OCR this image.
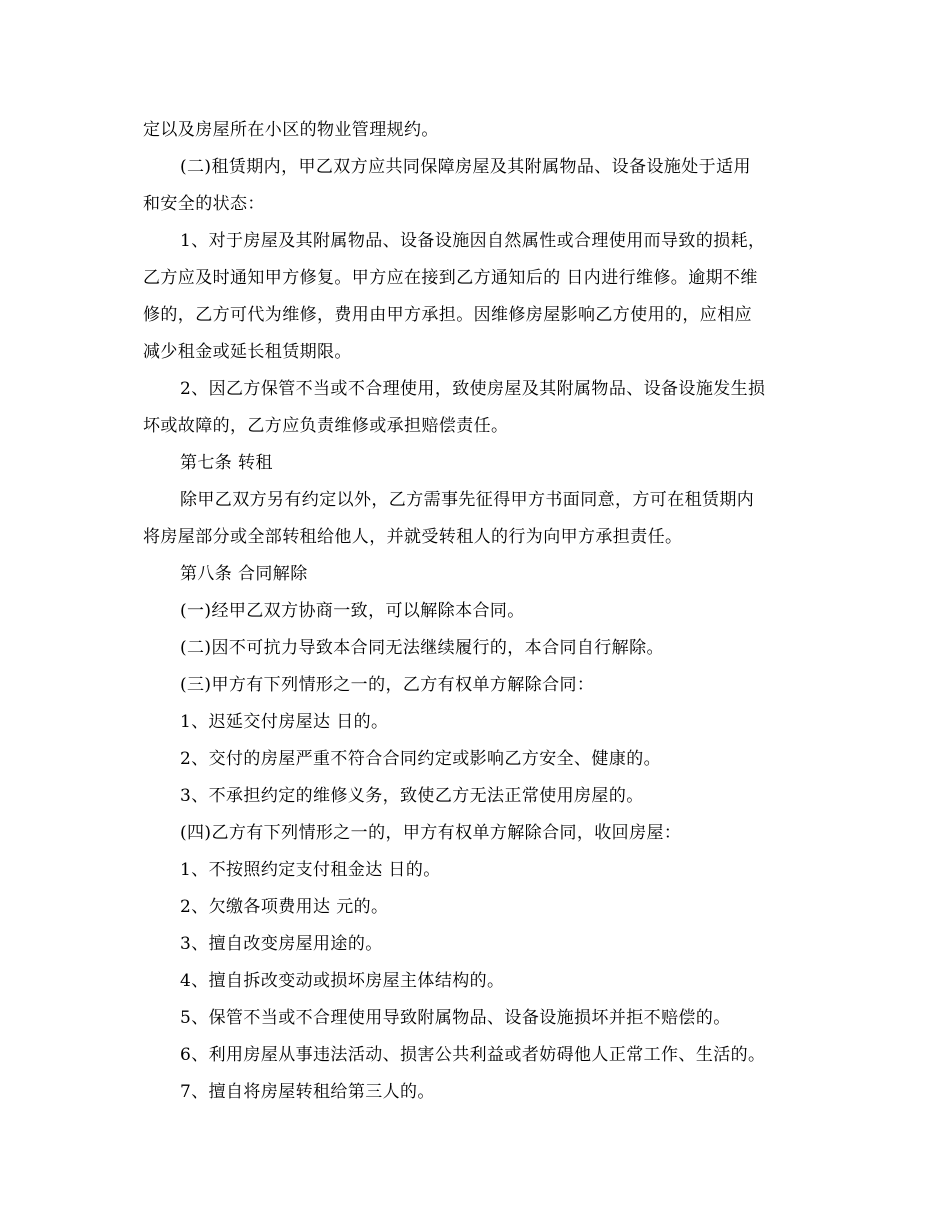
定以及房屋所在小区的物业管理规约。
(二)租赁期内，甲乙双方应共同保障房屋及其附属物品、设备设施处于适用
和安全的状态：
1、对于房屋及其附属物品、设备设施因自然属性或合理使用而导致的损耗，
乙方应及时通知甲方修复。甲方应在接到乙方通知后的 日内进行维修。逾期不维
修的，乙方可代为维修，费用由甲方承担。因维修房屋影响乙方使用的，应相应
减少租金或延长租赁期限。
2、因乙方保管不当或不合理使用，致使房屋及其附属物品、设备设施发生损
坏或故障的，乙方应负责维修或承担赔偿责任。
第七条 转租
除甲乙双方另有约定以外，乙方需事先征得甲方书面同意，方可在租赁期内
将房屋部分或全部转租给他人，并就受转租人的行为向甲方承担责任。
第八条 合同解除
(一)经甲乙双方协商一致，可以解除本合同。
(二)因不可抗力导致本合同无法继续履行的，本合同自行解除。
(三)甲方有下列情形之一的，乙方有权单方解除合同：
1、迟延交付房屋达 日的。
2、交付的房屋严重不符合合同约定或影响乙方安全、健康的。
3、不承担约定的维修义务，致使乙方无法正常使用房屋的。
(四)乙方有下列情形之一的，甲方有权单方解除合同，收回房屋：
1、不按照约定支付租金达 日的。
2、欠缴各项费用达 元的。
3、擅自改变房屋用途的。
4、擅自拆改变动或损坏房屋主体结构的。
5、保管不当或不合理使用导致附属物品、设备设施损坏并拒不赔偿的。
6、利用房屋从事违法活动、损害公共利益或者妨碍他人正常工作、生活的。
7、擅自将房屋转租给第三人的。
